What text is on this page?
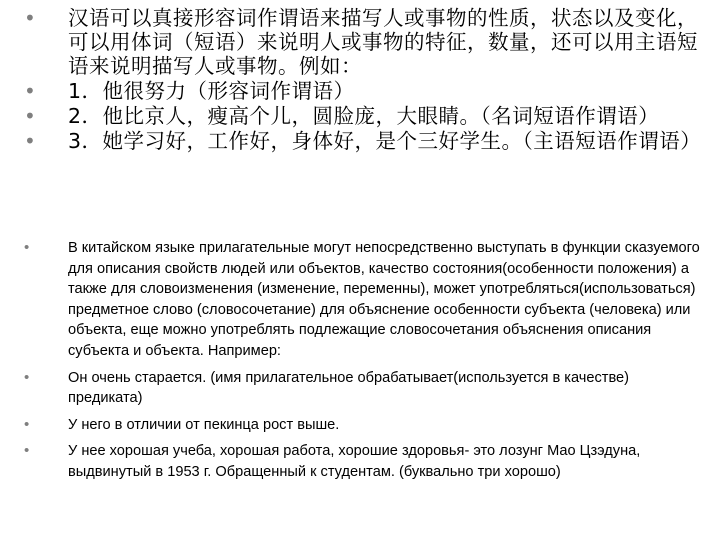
• 汉语可以真接形容词作谓语来描写人或事物的性质，状态以及变化，可以用体词（短语）来说明人或事物的特征，数量，还可以用主语短语来说明描写人或事物。例如：
• 1．他很努力（形容词作谓语）
• 2．他比京人，瘦高个儿，圆脸庞，大眼睛。（名词短语作谓语）
• 3．她学习好，工作好，身体好，是个三好学生。（主语短语作谓语）
•	В китайском языке прилагательные могут непосредственно выступать в функции сказуемого для описания свойств людей или объектов, качество состояния(особенности положения) а также для словоизменения (изменение, переменны), может употребляться(использоваться) предметное слово (словосочетание) для объяснение особенности субъекта (человека) или объекта, еще можно употреблять подлежащие словосочетания объяснения описания субъекта и объекта. Например:
•	Он очень старается. (имя прилагательное обрабатывает(используется в качестве) предиката)
•	У него в отличии от пекинца рост выше.
•	У нее хорошая учеба, хорошая работа, хорошие здоровья- это лозунг Мао Цзэдуна, выдвинутый в 1953 г. Обращенный к студентам. (буквально три хорошо)
